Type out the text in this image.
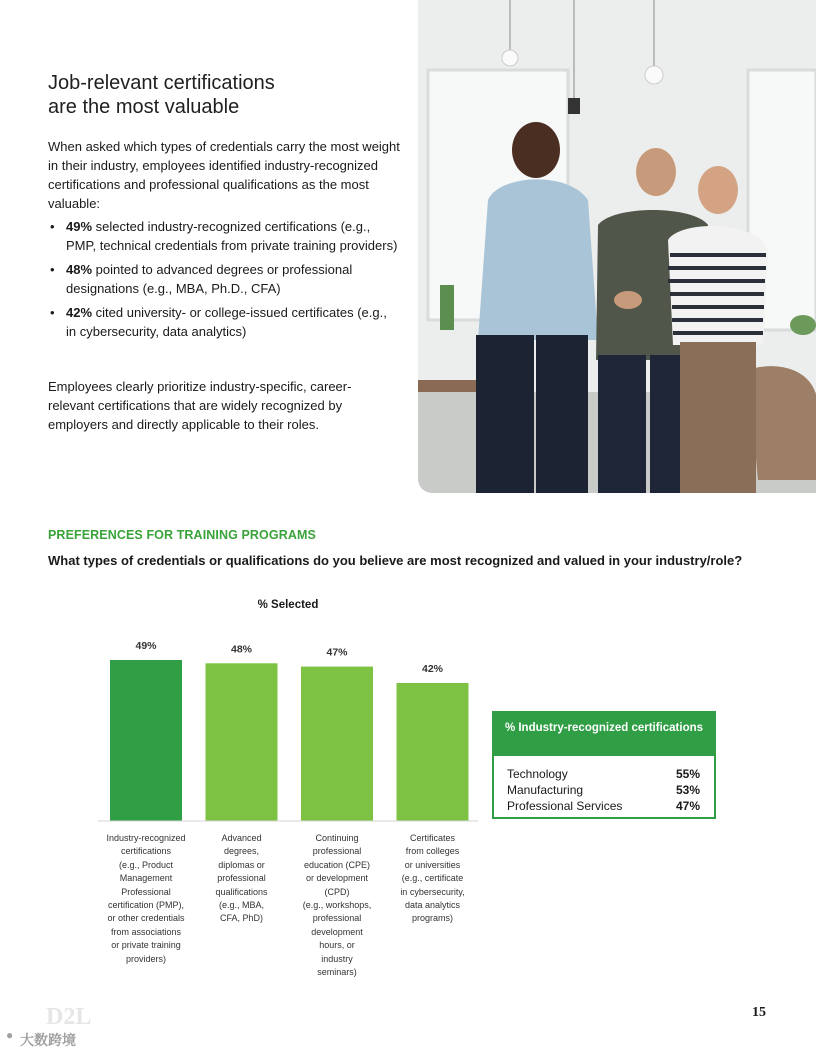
Job-relevant certifications
are the most valuable

When asked which types of credentials carry the most weight in their industry, employees identified industry-recognized certifications and professional qualifications as the most valuable:

• 49% selected industry-recognized certifications (e.g., PMP, technical credentials from private training providers)
• 48% pointed to advanced degrees or professional designations (e.g., MBA, Ph.D., CFA)
• 42% cited university- or college-issued certificates (e.g., in cybersecurity, data analytics)

Employees clearly prioritize industry-specific, career-relevant certifications that are widely recognized by employers and directly applicable to their roles.

PREFERENCES FOR TRAINING PROGRAMS

What types of credentials or qualifications do you believe are most recognized and valued in your industry/role?

% Selected
49%	48%	47%
42%
Industry-recognized
certifications
(e.g., Product
Management
Professional
certification (PMP),
or other credentials
from associations
or private training
providers)
Advanced
degrees,
diplomas or
professional
qualifications
(e.g., MBA,
CFA, PhD)
Continuing
professional
education (CPE)
or development
(CPD)
(e.g., workshops,
professional
development
hours, or
industry
seminars)
Certificates
from colleges
or universities
(e.g., certificate
in cybersecurity,
data analytics
programs)
% Industry-recognized certifications
Technology	55%
Manufacturing	53%
Professional Services	47%
15
D2L
● 大数跨境
